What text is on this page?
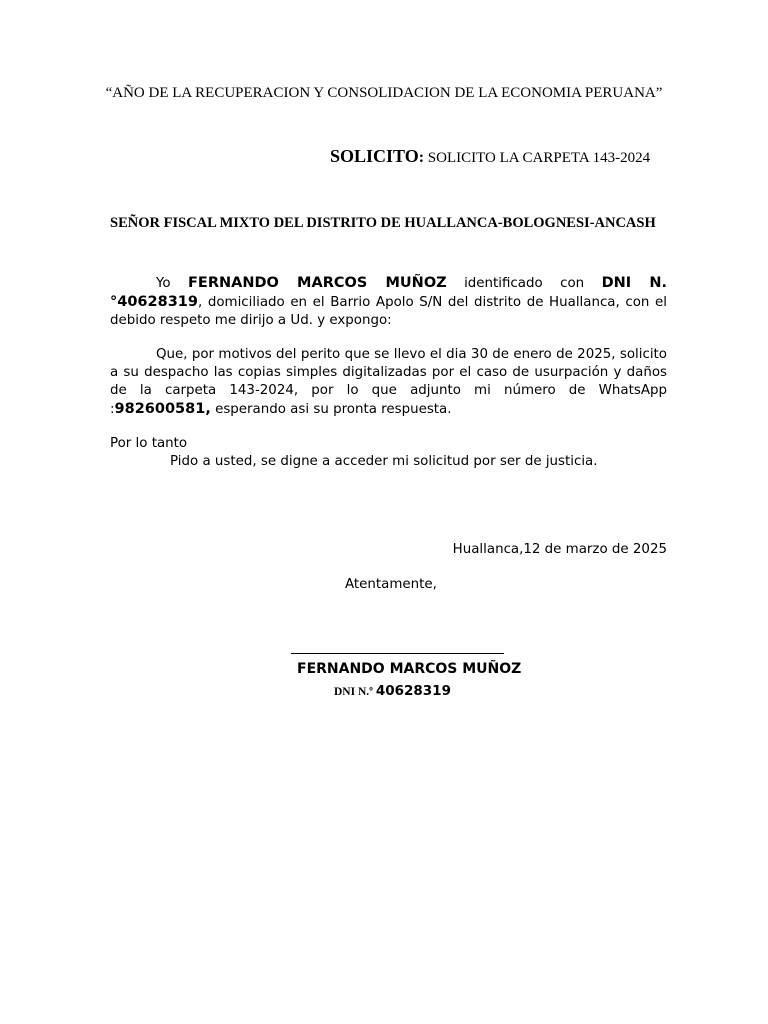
“AÑO DE LA RECUPERACION Y CONSOLIDACION DE LA ECONOMIA PERUANA”
SOLICITO: SOLICITO LA CARPETA 143-2024
SEÑOR FISCAL MIXTO DEL DISTRITO DE HUALLANCA-BOLOGNESI-ANCASH
Yo FERNANDO MARCOS MUÑOZ identificado con DNI N. °40628319, domiciliado en el Barrio Apolo S/N del distrito de Huallanca, con el debido respeto me dirijo a Ud. y expongo:
Que, por motivos del perito que se llevo el dia 30 de enero de 2025, solicito a su despacho las copias simples digitalizadas por el caso de usurpación y daños de la carpeta 143-2024, por lo que adjunto mi número de WhatsApp :982600581, esperando asi su pronta respuesta.
Por lo tanto
Pido a usted, se digne a acceder mi solicitud por ser de justicia.
Huallanca,12 de marzo de 2025
Atentamente,
FERNANDO MARCOS MUÑOZ
DNI N.º 40628319
